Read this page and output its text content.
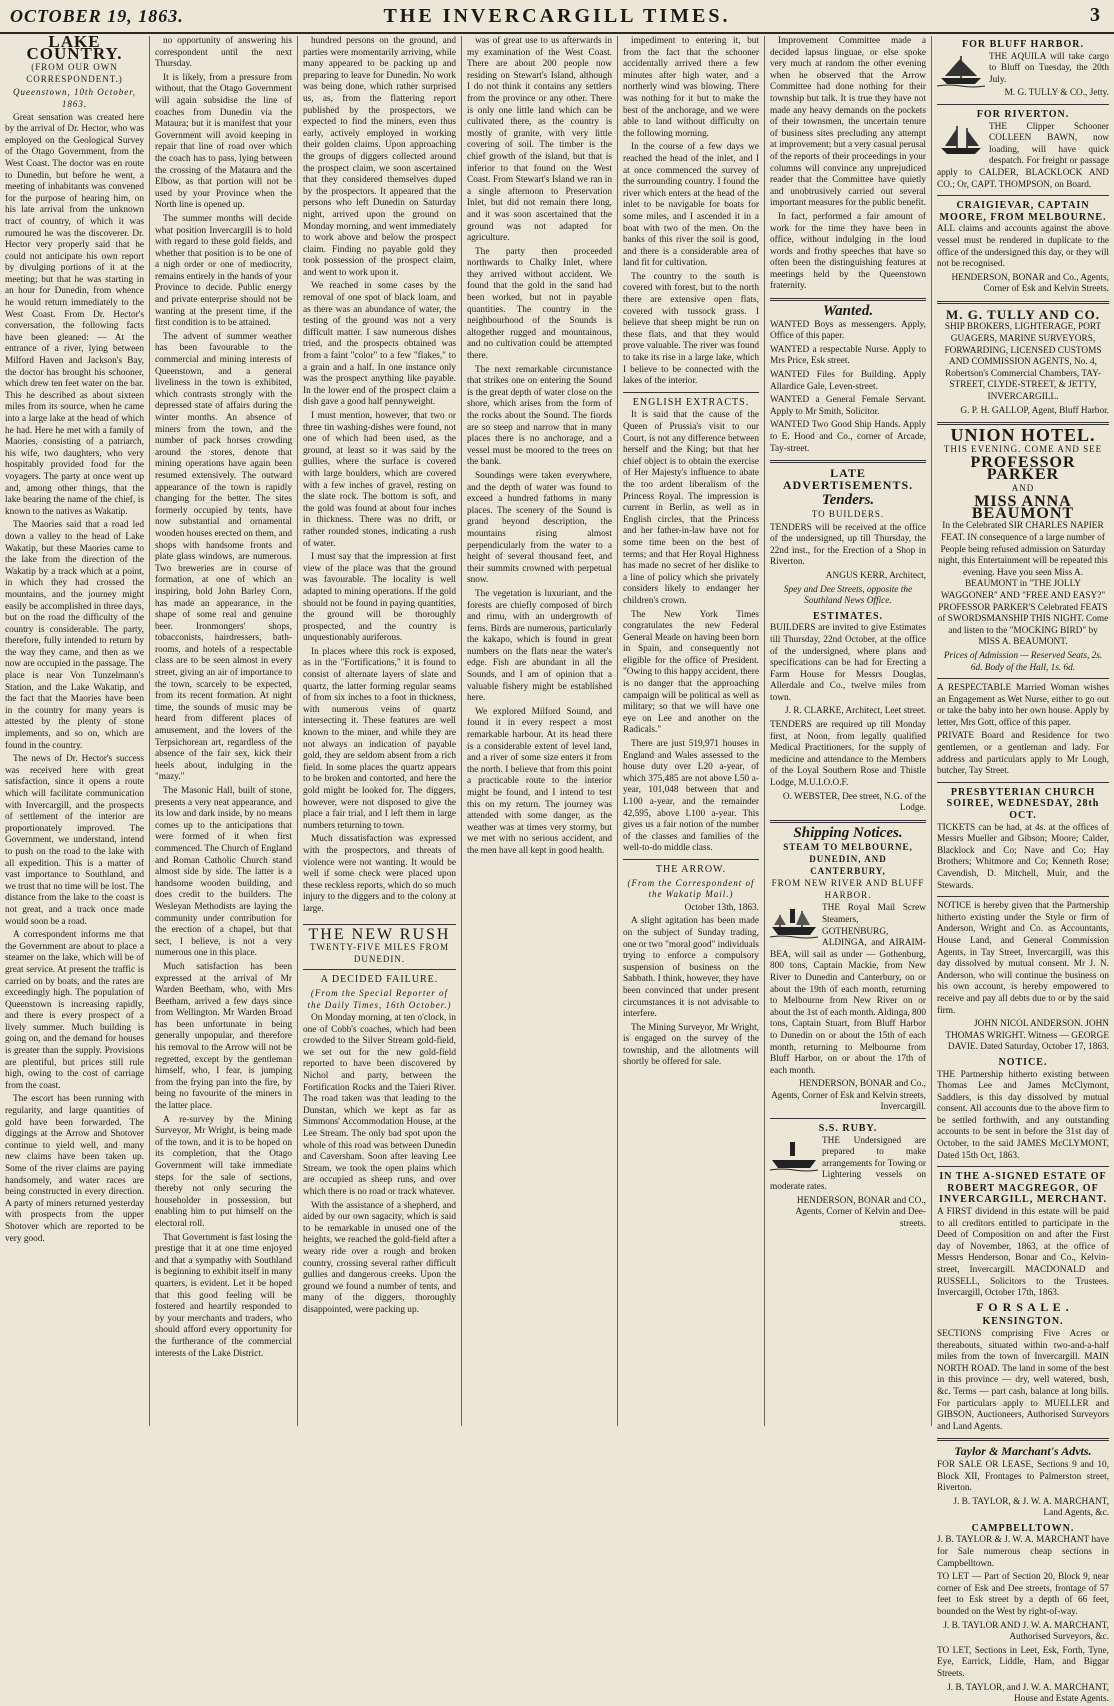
OCTOBER 19, 1863.	THE INVERCARGILL TIMES.	3
LAKE COUNTRY.
(FROM OUR OWN CORRESPONDENT.)
Queenstown, 10th October, 1863.

Great sensation was created here by the arrival of Dr. Hector, who was employed on the Geological Survey of the Otago Government, from the West Coast. The doctor was en route to Dunedin, but before he went, a meeting of inhabitants was convened for the purpose of hearing him, on his late arrival from the unknown tract of country, of which it was rumoured he was the discoverer. Dr. Hector very properly said that he could not anticipate his own report by divulging portions of it at the meeting; but that he was starting in an hour for Dunedin, from whence he would return immediately to the West Coast. From Dr. Hector's conversation, the following facts have been gleaned: — At the entrance of a river, lying between Milford Haven and Jackson's Bay, the doctor has brought his schooner, which drew ten feet water on the bar. This he described as about sixteen miles from its source, when he came into a large lake at the head of which he had. Here he met with a family of Maories, consisting of a patriarch, his wife, two daughters, who very hospitably provided food for the voyagers. The party at once went up and, among other things, that the lake bearing the name of the chief, is known to the natives as Wakatip.

The Maories said that a road led down a valley to the head of Lake Wakatip, but these Maories came to the lake from the direction of the Wakatip by a track which at a point, in which they had crossed the mountains, and the journey might easily be accomplished in three days, but on the road the difficulty of the country is considerable. The party, therefore, fully intended to return by the way they came, and then as we now are occupied in the passage. The place is near Von Tunzelmann's Station, and the Lake Wakatip, and the fact that the Maories have been in the country for many years is attested by the plenty of stone implements, and so on, which are found in the country.

The news of Dr. Hector's success was received here with great satisfaction, since it opens a route which will facilitate communication with Invercargill, and the prospects of settlement of the interior are proportionately improved. The Government, we understand, intend to push on the road to the lake with all expedition. This is a matter of vast importance to Southland, and we trust that no time will be lost. The distance from the lake to the coast is not great, and a track once made would soon be a road.

A correspondent informs me that the Government are about to place a steamer on the lake, which will be of great service. At present the traffic is carried on by boats, and the rates are exceedingly high. The population of Queenstown is increasing rapidly, and there is every prospect of a lively summer. Much building is going on, and the demand for houses is greater than the supply. Provisions are plentiful, but prices still rule high, owing to the cost of carriage from the coast.

The escort has been running with regularity, and large quantities of gold have been forwarded. The diggings at the Arrow and Shotover continue to yield well, and many new claims have been taken up. Some of the river claims are paying handsomely, and water races are being constructed in every direction. A party of miners returned yesterday with prospects from the upper Shotover which are reported to be very good.

no opportunity of answering his correspondent until the next Thursday.

It is likely, from a pressure from without, that the Otago Government will again subsidise the line of coaches from Dunedin via the Mataura; but it is manifest that your Government will avoid keeping in repair that line of road over which the coach has to pass, lying between the crossing of the Mataura and the Elbow, as that portion will not be used by your Province when the North line is opened up.

The summer months will decide what position Invercargill is to hold with regard to these gold fields, and whether that position is to be one of a nigh order or one of mediocrity, remains entirely in the hands of your Province to decide. Public energy and private enterprise should not be wanting at the present time, if the first condition is to be attained.

The advent of summer weather has been favourable to the commercial and mining interests of Queenstown, and a general liveliness in the town is exhibited, which contrasts strongly with the depressed state of affairs during the winter months. An absence of miners from the town, and the number of pack horses crowding around the stores, denote that mining operations have again been resumed extensively. The outward appearance of the town is rapidly changing for the better. The sites formerly occupied by tents, have now substantial and ornamental wooden houses erected on them, and shops with handsome fronts and plate glass windows, are numerous. Two breweries are in course of formation, at one of which an inspiring, bold John Barley Corn, has made an appearance, in the shape of some real and genuine beer. Ironmongers' shops, tobacconists, hairdressers, bath-rooms, and hotels of a respectable class are to be seen almost in every street, giving an air of importance to the town, scarcely to be expected, from its recent formation. At night time, the sounds of music may be heard from different places of amusement, and the lovers of the Terpsichorean art, regardless of the absence of the fair sex, kick their heels about, indulging in the "mazy."

The Masonic Hall, built of stone, presents a very neat appearance, and its low and dark inside, by no means comes up to the anticipations that were formed of it when first commenced. The Church of England and Roman Catholic Church stand almost side by side. The latter is a handsome wooden building, and does credit to the builders. The Wesleyan Methodists are laying the community under contribution for the erection of a chapel, but that sect, I believe, is not a very numerous one in this place.

Much satisfaction has been expressed at the arrival of Mr Warden Beetham, who, with Mrs Beetham, arrived a few days since from Wellington. Mr Warden Broad has been unfortunate in being generally unpopular, and therefore his removal to the Arrow will not be regretted, except by the gentleman himself, who, I fear, is jumping from the frying pan into the fire, by being no favourite of the miners in the latter place.

A re-survey by the Mining Surveyor, Mr Wright, is being made of the town, and it is to be hoped on its completion, that the Otago Government will take immediate steps for the sale of sections, thereby not only securing the householder in possession, but enabling him to put himself on the electoral roll.

That Government is fast losing the prestige that it at one time enjoyed and that a sympathy with Southland is beginning to exhibit itself in many quarters, is evident. Let it be hoped that this good feeling will be fostered and heartily responded to by your merchants and traders, who should afford every opportunity for the furtherance of the commercial interests of the Lake District.

hundred persons on the ground, and parties were momentarily arriving, while many appeared to be packing up and preparing to leave for Dunedin. No work was being done, which rather surprised us, as, from the flattering report published by the prospectors, we expected to find the miners, even thus early, actively employed in working their golden claims. Upon approaching the groups of diggers collected around the prospect claim, we soon ascertained that they considered themselves duped by the prospectors. It appeared that the persons who left Dunedin on Saturday night, arrived upon the ground on Monday morning, and went immediately to work above and below the prospect claim. Finding no payable gold they took possession of the prospect claim, and went to work upon it.

We reached in some cases by the removal of one spot of black loam, and as there was an abundance of water, the testing of the ground was not a very difficult matter. I saw numerous dishes tried, and the prospects obtained was from a faint "color" to a few "flakes," to a grain and a half. In one instance only was the prospect anything like payable. In the lower end of the prospect claim a dish gave a good half pennyweight.

I must mention, however, that two or three tin washing-dishes were found, not one of which had been used, as the ground, at least so it was said by the gullies, where the surface is covered with large boulders, which are covered with a few inches of gravel, resting on the slate rock. The bottom is soft, and the gold was found at about four inches in thickness. There was no drift, or rather rounded stones, indicating a rush of water.

I must say that the impression at first view of the place was that the ground was favourable. The locality is well adapted to mining operations. If the gold should not be found in paying quantities, the ground will be thoroughly prospected, and the country is unquestionably auriferous.

In places where this rock is exposed, as in the "Fortifications," it is found to consist of alternate layers of slate and quartz, the latter forming regular seams of from six inches to a foot in thickness, with numerous veins of quartz intersecting it. These features are well known to the miner, and while they are not always an indication of payable gold, they are seldom absent from a rich field. In some places the quartz appears to be broken and contorted, and here the gold might be looked for. The diggers, however, were not disposed to give the place a fair trial, and I left them in large numbers returning to town.

Much dissatisfaction was expressed with the prospectors, and threats of violence were not wanting. It would be well if some check were placed upon these reckless reports, which do so much injury to the diggers and to the colony at large.

THE NEW RUSH
TWENTY-FIVE MILES FROM DUNEDIN.
A DECIDED FAILURE.
(From the Special Reporter of the Daily Times, 16th October.)

On Monday morning, at ten o'clock, in one of Cobb's coaches, which had been crowded to the Silver Stream gold-field, we set out for the new gold-field reported to have been discovered by Nichol and party, between the Fortification Rocks and the Taieri River. The road taken was that leading to the Dunstan, which we kept as far as Simmons' Accommodation House, at the Lee Stream. The only bad spot upon the whole of this road was between Dunedin and Caversham. Soon after leaving Lee Stream, we took the open plains which are occupied as sheep runs, and over which there is no road or track whatever.

With the assistance of a shepherd, and aided by our own sagacity, which is said to be remarkable in unused one of the heights, we reached the gold-field after a weary ride over a rough and broken country, crossing several rather difficult gullies and dangerous creeks. Upon the ground we found a number of tents, and many of the diggers, thoroughly disappointed, were packing up.

was of great use to us afterwards in my examination of the West Coast. There are about 200 people now residing on Stewart's Island, although I do not think it contains any settlers from the province or any other. There is only one little land which can be cultivated there, as the country is mostly of granite, with very little covering of soil. The timber is the chief growth of the island, but that is inferior to that found on the West Coast. From Stewart's Island we ran in a single afternoon to Preservation Inlet, but did not remain there long, and it was soon ascertained that the ground was not adapted for agriculture.

The party then proceeded northwards to Chalky Inlet, where they arrived without accident. We found that the gold in the sand had been worked, but not in payable quantities. The country in the neighbourhood of the Sounds is altogether rugged and mountainous, and no cultivation could be attempted there.

The next remarkable circumstance that strikes one on entering the Sound is the great depth of water close on the shore, which arises from the form of the rocks about the Sound. The fiords are so steep and narrow that in many places there is no anchorage, and a vessel must be moored to the trees on the bank.

Soundings were taken everywhere, and the depth of water was found to exceed a hundred fathoms in many places. The scenery of the Sound is grand beyond description, the mountains rising almost perpendicularly from the water to a height of several thousand feet, and their summits crowned with perpetual snow.

The vegetation is luxuriant, and the forests are chiefly composed of birch and rimu, with an undergrowth of ferns. Birds are numerous, particularly the kakapo, which is found in great numbers on the flats near the water's edge. Fish are abundant in all the Sounds, and I am of opinion that a valuable fishery might be established here.

We explored Milford Sound, and found it in every respect a most remarkable harbour. At its head there is a considerable extent of level land, and a river of some size enters it from the north. I believe that from this point a practicable route to the interior might be found, and I intend to test this on my return. The journey was attended with some danger, as the weather was at times very stormy, but we met with no serious accident, and the men have all kept in good health.

impediment to entering it, but from the fact that the schooner accidentally arrived there a few minutes after high water, and a northerly wind was blowing. There was nothing for it but to make the best of the anchorage, and we were able to land without difficulty on the following morning.

In the course of a few days we reached the head of the inlet, and I at once commenced the survey of the surrounding country. I found the river which enters at the head of the inlet to be navigable for boats for some miles, and I ascended it in a boat with two of the men. On the banks of this river the soil is good, and there is a considerable area of land fit for cultivation.

The country to the south is covered with forest, but to the north there are extensive open flats, covered with tussock grass. I believe that sheep might be run on these flats, and that they would prove valuable. The river was found to take its rise in a large lake, which I believe to be connected with the lakes of the interior.

ENGLISH EXTRACTS.

It is said that the cause of the Queen of Prussia's visit to our Court, is not any difference between herself and the King; but that her chief object is to obtain the exercise of Her Majesty's influence to abate the too ardent liberalism of the Princess Royal. The impression is current in Berlin, as well as in English circles, that the Princess and her father-in-law have not for some time been on the best of terms; and that Her Royal Highness has made no secret of her dislike to a line of policy which she privately considers likely to endanger her children's crown.

The New York Times congratulates the new Federal General Meade on having been born in Spain, and consequently not eligible for the office of President. "Owing to this happy accident, there is no danger that the approaching campaign will be political as well as military; so that we will have one eye on Lee and another on the Radicals."

There are just 519,971 houses in England and Wales assessed to the house duty over L20 a-year, of which 375,485 are not above L50 a-year, 101,048 between that and L100 a-year, and the remainder 42,595, above L100 a-year. This gives us a fair notion of the number of the classes and families of the well-to-do middle class.

THE ARROW.
(From the Correspondent of the Wakatip Mail.)
October 13th, 1863.

A slight agitation has been made on the subject of Sunday trading, one or two "moral good" individuals trying to enforce a compulsory suspension of business on the Sabbath. I think, however, they have been convinced that under present circumstances it is not advisable to interfere.

The Mining Surveyor, Mr Wright, is engaged on the survey of the township, and the allotments will shortly be offered for sale.

Improvement Committee made a decided lapsus linguae, or else spoke very much at random the other evening when he observed that the Arrow Committee had done nothing for their township but talk. It is true they have not made any heavy demands on the pockets of their townsmen, the uncertain tenure of business sites precluding any attempt at improvement; but a very casual perusal of the reports of their proceedings in your columns will convince any unprejudiced reader that the Committee have quietly and unobtrusively carried out several important measures for the public benefit.

In fact, performed a fair amount of work for the time they have been in office, without indulging in the loud words and frothy speeches that have so often been the distinguishing features at meetings held by the Queenstown fraternity.

Wanted.

WANTED Boys as messengers. Apply, Office of this paper.

WANTED a respectable Nurse. Apply to Mrs Price, Esk street.

WANTED Files for Building. Apply Allardice Gale, Leven-street.

WANTED a General Female Servant. Apply to Mr Smith, Solicitor.

WANTED Two Good Ship Hands. Apply to E. Hood and Co., corner of Arcade, Tay-street.

LATE ADVERTISEMENTS.
Tenders.
TO BUILDERS.

TENDERS will be received at the office of the undersigned, up till Thursday, the 22nd inst., for the Erection of a Shop in Riverton.

ANGUS KERR, Architect,

Spey and Dee Streets, opposite the Southland News Office.

ESTIMATES.

BUILDERS are invited to give Estimates till Thursday, 22nd October, at the office of the undersigned, where plans and specifications can be had for Erecting a Farm House for Messrs Douglas, Allerdale and Co., twelve miles from town.

J. R. CLARKE, Architect, Leet street.

TENDERS are required up till Monday first, at Noon, from legally qualified Medical Practitioners, for the supply of medicine and attendance to the Members of the Loyal Southern Rose and Thistle Lodge, M.U.I.O.O.F.

O. WEBSTER, Dee street, N.G. of the Lodge.

Shipping Notices.
STEAM TO MELBOURNE, DUNEDIN, AND CANTERBURY,
FROM NEW RIVER AND BLUFF HARBOR.

THE Royal Mail Screw Steamers, GOTHENBURG, ALDINGA, and AIRAIM-BEA, will sail as under — Gothenburg, 800 tons, Captain Mackie, from New River to Dunedin and Canterbury, on or about the 19th of each month, returning to Melbourne from New River on or about the 1st of each month. Aldinga, 800 tons, Captain Stuart, from Bluff Harbor to Dunedin on or about the 15th of each month, returning to Melbourne from Bluff Harbor, on or about the 17th of each month.

HENDERSON, BONAR and Co., Agents, Corner of Esk and Kelvin streets, Invercargill.

S.S. RUBY.

THE Undersigned are prepared to make arrangements for Towing or Lightering vessels on moderate rates.

HENDERSON, BONAR and CO., Agents, Corner of Kelvin and Dee-streets.

FOR BLUFF HARBOR.

THE AQUILA will take cargo to Bluff on Tuesday, the 20th July.

M. G. TULLY & CO., Jetty.

FOR RIVERTON.

THE Clipper Schooner COLLEEN BAWN, now loading, will have quick despatch. For freight or passage apply to CALDER, BLACKLOCK AND CO.; Or, CAPT. THOMPSON, on Board.

CRAIGIEVAR, CAPTAIN MOORE, FROM MELBOURNE.

ALL claims and accounts against the above vessel must be rendered in duplicate to the office of the undersigned this day, or they will not be recognised.

HENDERSON, BONAR and Co., Agents, Corner of Esk and Kelvin Streets.

M. G. TULLY AND CO.

SHIP BROKERS, LIGHTERAGE, PORT GUAGERS, MARINE SURVEYORS, FORWARDING, LICENSED CUSTOMS AND COMMISSION AGENTS, No. 4, Robertson's Commercial Chambers, TAY-STREET, CLYDE-STREET, & JETTY, INVERCARGILL.

G. P. H. GALLOP, Agent, Bluff Harbor.

UNION HOTEL.
THIS EVENING. COME AND SEE
PROFESSOR PARKER
AND
MISS ANNA BEAUMONT

In the Celebrated SIR CHARLES NAPIER FEAT. IN consequence of a large number of People being refused admission on Saturday night, this Entertainment will be repeated this evening. Have you seen Miss A. BEAUMONT in "THE JOLLY WAGGONER" AND "FREE AND EASY?" PROFESSOR PARKER'S Celebrated FEATS of SWORDSMANSHIP THIS NIGHT. Come and listen to the "MOCKING BIRD" by MISS A. BEAUMONT.

Prices of Admission — Reserved Seats, 2s. 6d. Body of the Hall, 1s. 6d.

A RESPECTABLE Married Woman wishes an Engagement as Wet Nurse, either to go out or take the baby into her own house. Apply by letter, Mrs Gott, office of this paper.

PRIVATE Board and Residence for two gentlemen, or a gentleman and lady. For address and particulars apply to Mr Lough, butcher, Tay Street.

PRESBYTERIAN CHURCH SOIREE, WEDNESDAY, 28th OCT.

TICKETS can be had, at 4s. at the offices of Messrs Mueller and Gibson; Moore; Calder, Blacklock and Co; Nave and Co; Hay Brothers; Whitmore and Co; Kenneth Rose; Cavendish, D. Mitchell, Muir, and the Stewards.

NOTICE is hereby given that the Partnership hitherto existing under the Style or firm of Anderson, Wright and Co. as Accountants, House Land, and General Commission Agents, in Tay Street, Invercargill, was this day dissolved by mutual consent. Mr J. N. Anderson, who will continue the business on his own account, is hereby empowered to receive and pay all debts due to or by the said firm.

JOHN NICOL ANDERSON. JOHN THOMAS WRIGHT. Witness — GEORGE DAVIE. Dated Saturday, October 17, 1863.

NOTICE.

THE Partnership hitherto existing between Thomas Lee and James McClymont, Saddlers, is this day dissolved by mutual consent. All accounts due to the above firm to be settled forthwith, and any outstanding accounts to be sent in before the 31st day of October, to the said JAMES McCLYMONT, Dated 15th Oct, 1863.

IN THE A-SIGNED ESTATE OF ROBERT MACGREGOR, OF INVERCARGILL, MERCHANT.

A FIRST dividend in this estate will be paid to all creditors entitled to participate in the Deed of Composition on and after the First day of November, 1863, at the office of Messrs Henderson, Bonar and Co., Kelvin-street, Invercargill. MACDONALD and RUSSELL, Solicitors to the Trustees. Invercargill, October 17th, 1863.

F O R S A L E .
KENSINGTON.

SECTIONS comprising Five Acres or thereabouts, situated within two-and-a-half miles from the town of Invercargill. MAIN NORTH ROAD. The land in some of the best in this province — dry, well watered, bush, &c. Terms — part cash, balance at long bills. For particulars apply to MUELLER and GIBSON, Auctioneers, Authorised Surveyors and Land Agents.

Taylor & Marchant's Advts.

FOR SALE OR LEASE, Sections 9 and 10, Block XII, Frontages to Palmerston street, Riverton.

J. B. TAYLOR, & J. W. A. MARCHANT, Land Agents, &c.

CAMPBELLTOWN.

J. B. TAYLOR & J. W. A. MARCHANT have for Sale numerous cheap sections in Campbelltown.

TO LET — Part of Section 20, Block 9, near corner of Esk and Dee streets, frontage of 57 feet to Esk street by a depth of 66 feet, bounded on the West by right-of-way.

J. B. TAYLOR AND J. W. A. MARCHANT, Authorised Surveyors, &c.

TO LET, Sections in Leet, Esk, Forth, Tyne, Eye, Earrick, Liddle, Ham, and Biggar Streets.

J. B. TAYLOR, and J. W. A. MARCHANT, House and Estate Agents.
